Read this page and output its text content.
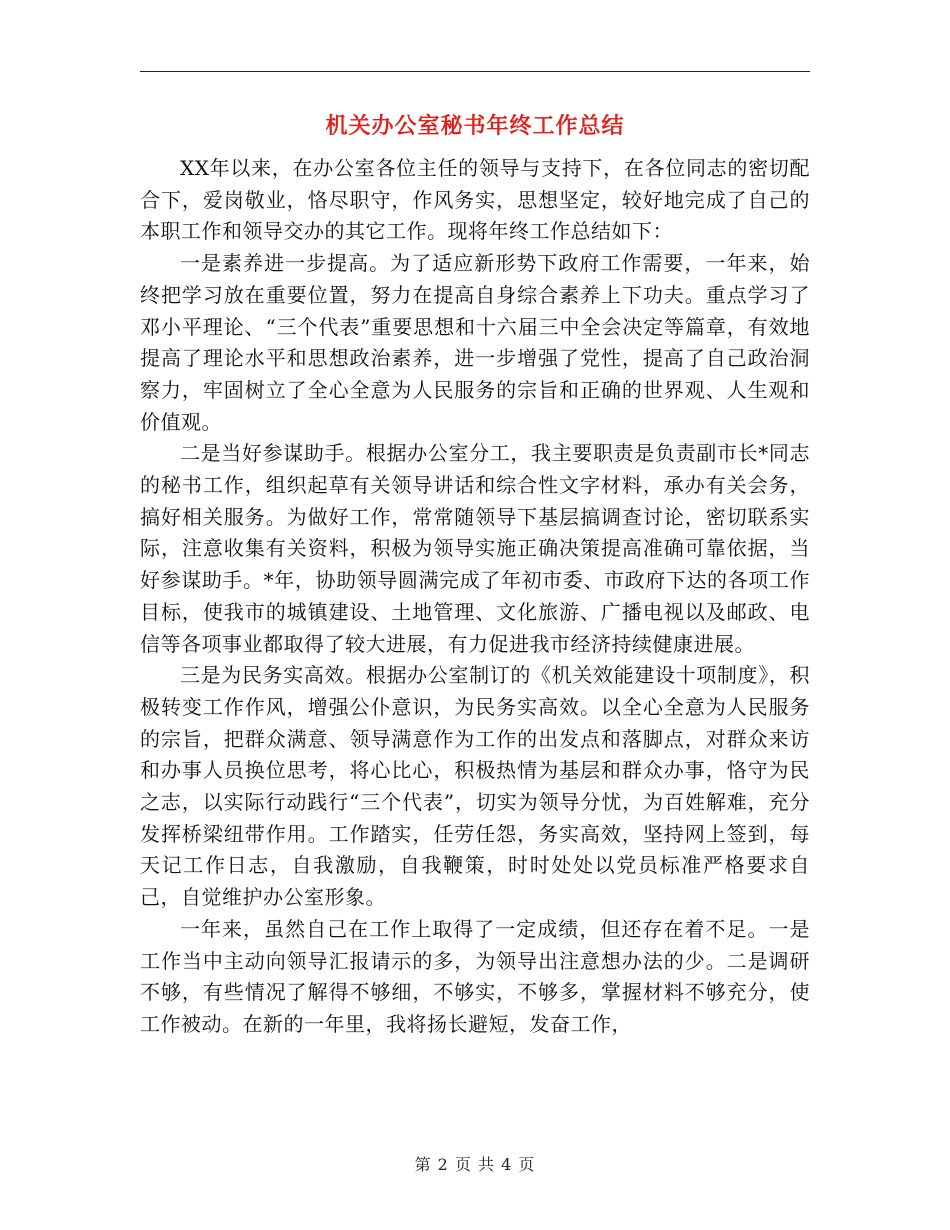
机关办公室秘书年终工作总结

XX年以来，在办公室各位主任的领导与支持下，在各位同志的密切配合下，爱岗敬业，恪尽职守，作风务实，思想坚定，较好地完成了自己的本职工作和领导交办的其它工作。现将年终工作总结如下：

一是素养进一步提高。为了适应新形势下政府工作需要，一年来，始终把学习放在重要位置，努力在提高自身综合素养上下功夫。重点学习了邓小平理论、“三个代表”重要思想和十六届三中全会决定等篇章，有效地提高了理论水平和思想政治素养，进一步增强了党性，提高了自己政治洞察力，牢固树立了全心全意为人民服务的宗旨和正确的世界观、人生观和价值观。

二是当好参谋助手。根据办公室分工，我主要职责是负责副市长*同志的秘书工作，组织起草有关领导讲话和综合性文字材料，承办有关会务，搞好相关服务。为做好工作，常常随领导下基层搞调查讨论，密切联系实际，注意收集有关资料，积极为领导实施正确决策提高准确可靠依据，当好参谋助手。*年，协助领导圆满完成了年初市委、市政府下达的各项工作目标，使我市的城镇建设、土地管理、文化旅游、广播电视以及邮政、电信等各项事业都取得了较大进展，有力促进我市经济持续健康进展。

三是为民务实高效。根据办公室制订的《机关效能建设十项制度》，积极转变工作作风，增强公仆意识，为民务实高效。以全心全意为人民服务的宗旨，把群众满意、领导满意作为工作的出发点和落脚点，对群众来访和办事人员换位思考，将心比心，积极热情为基层和群众办事，恪守为民之志，以实际行动践行“三个代表”，切实为领导分忧，为百姓解难，充分发挥桥梁纽带作用。工作踏实，任劳任怨，务实高效，坚持网上签到，每天记工作日志，自我激励，自我鞭策，时时处处以党员标准严格要求自己，自觉维护办公室形象。

一年来，虽然自己在工作上取得了一定成绩，但还存在着不足。一是工作当中主动向领导汇报请示的多，为领导出注意想办法的少。二是调研不够，有些情况了解得不够细，不够实，不够多，掌握材料不够充分，使工作被动。在新的一年里，我将扬长避短，发奋工作，

第 2 页 共 4 页
